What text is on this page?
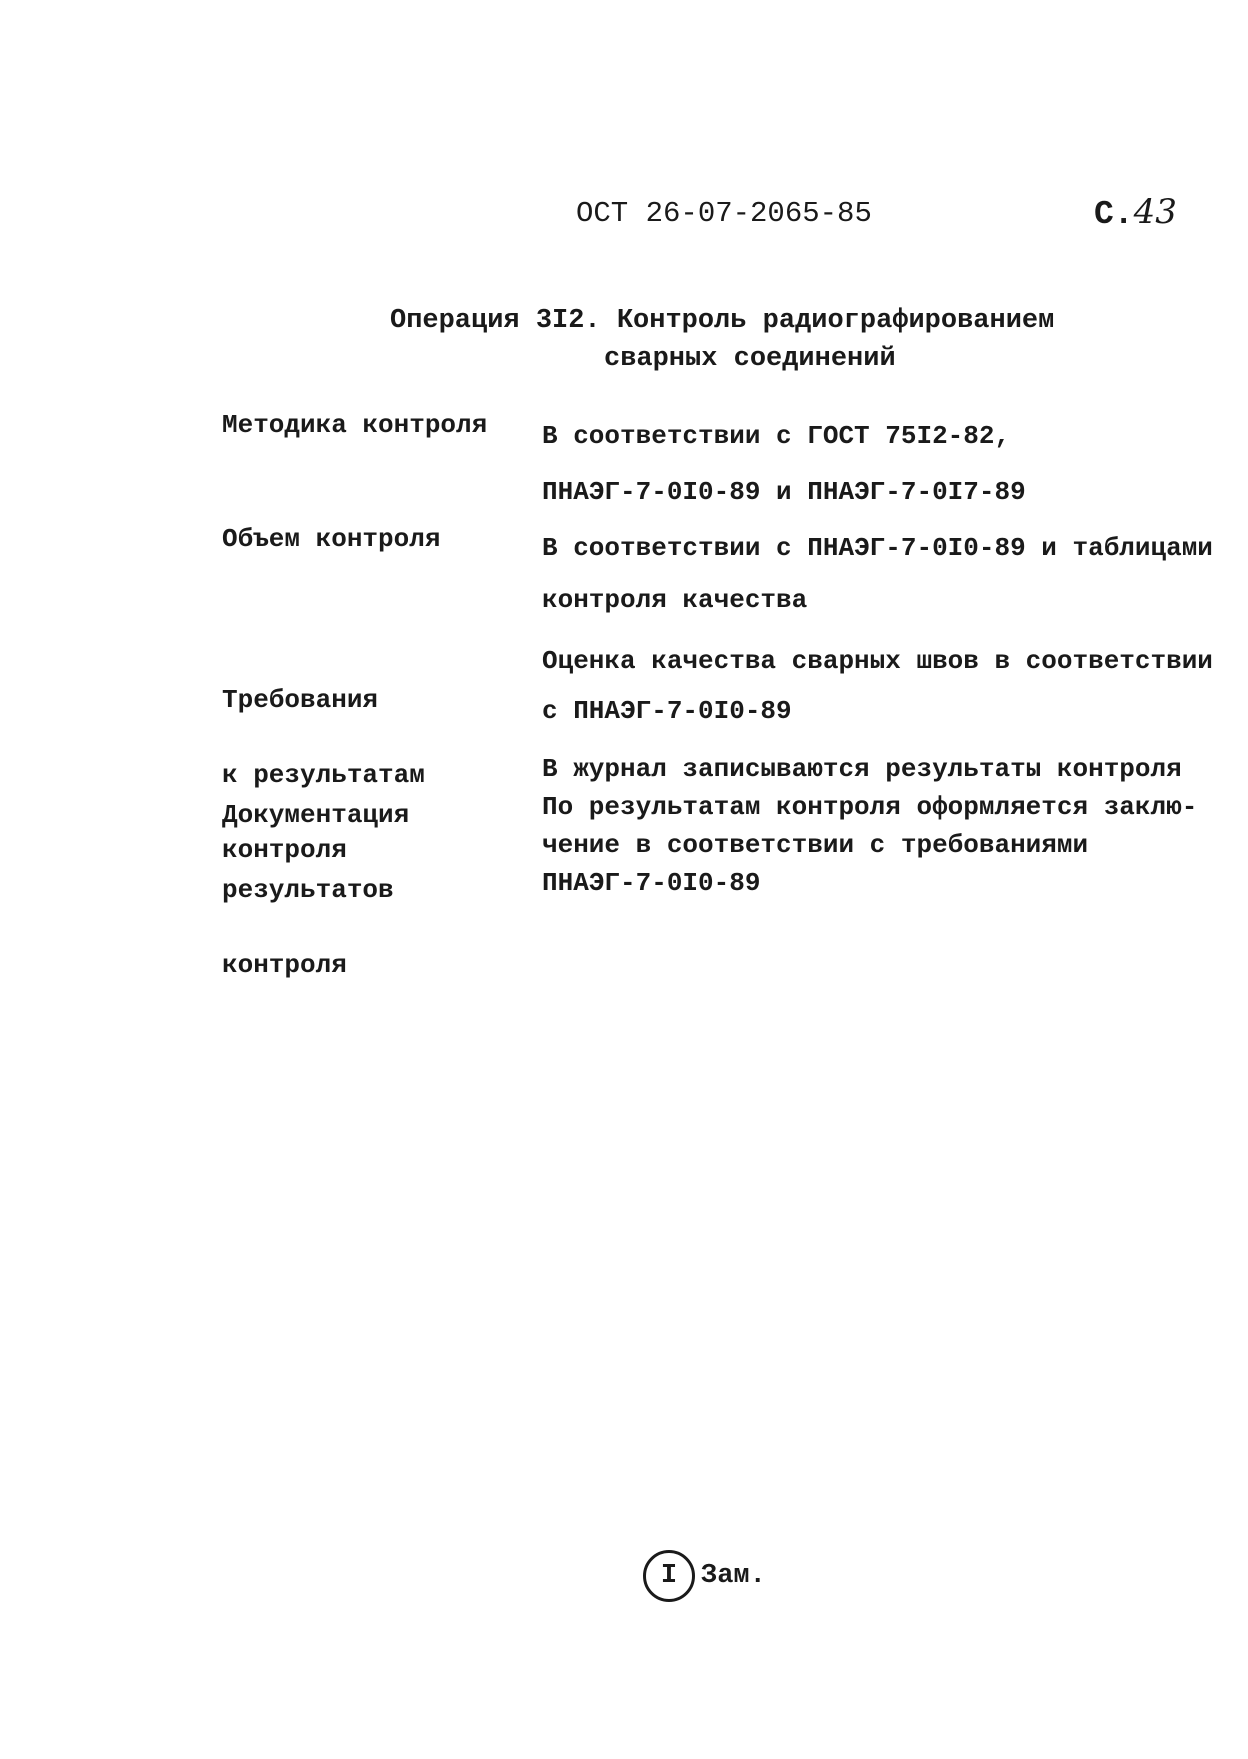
ОСТ 26-07-2065-85	С.43
Операция 3I2. Контроль радиографированием
сварных соединений
Методика контроля В соответствии с ГОСТ 75I2-82,
ПНАЭГ-7-0I0-89 и ПНАЭГ-7-0I7-89
Объем контроля	В соответствии с ПНАЭГ-7-0I0-89 и таблицами
контроля качества

Требования

к результатам

контроля

Оценка качества сварных швов в соответствии
с ПНАЭГ-7-0I0-89

Документация

результатов

контроля

В журнал записываются результаты контроля
По результатам контроля оформляется заклю-
чение в соответствии с требованиями
ПНАЭГ-7-0I0-89
I Зам.
